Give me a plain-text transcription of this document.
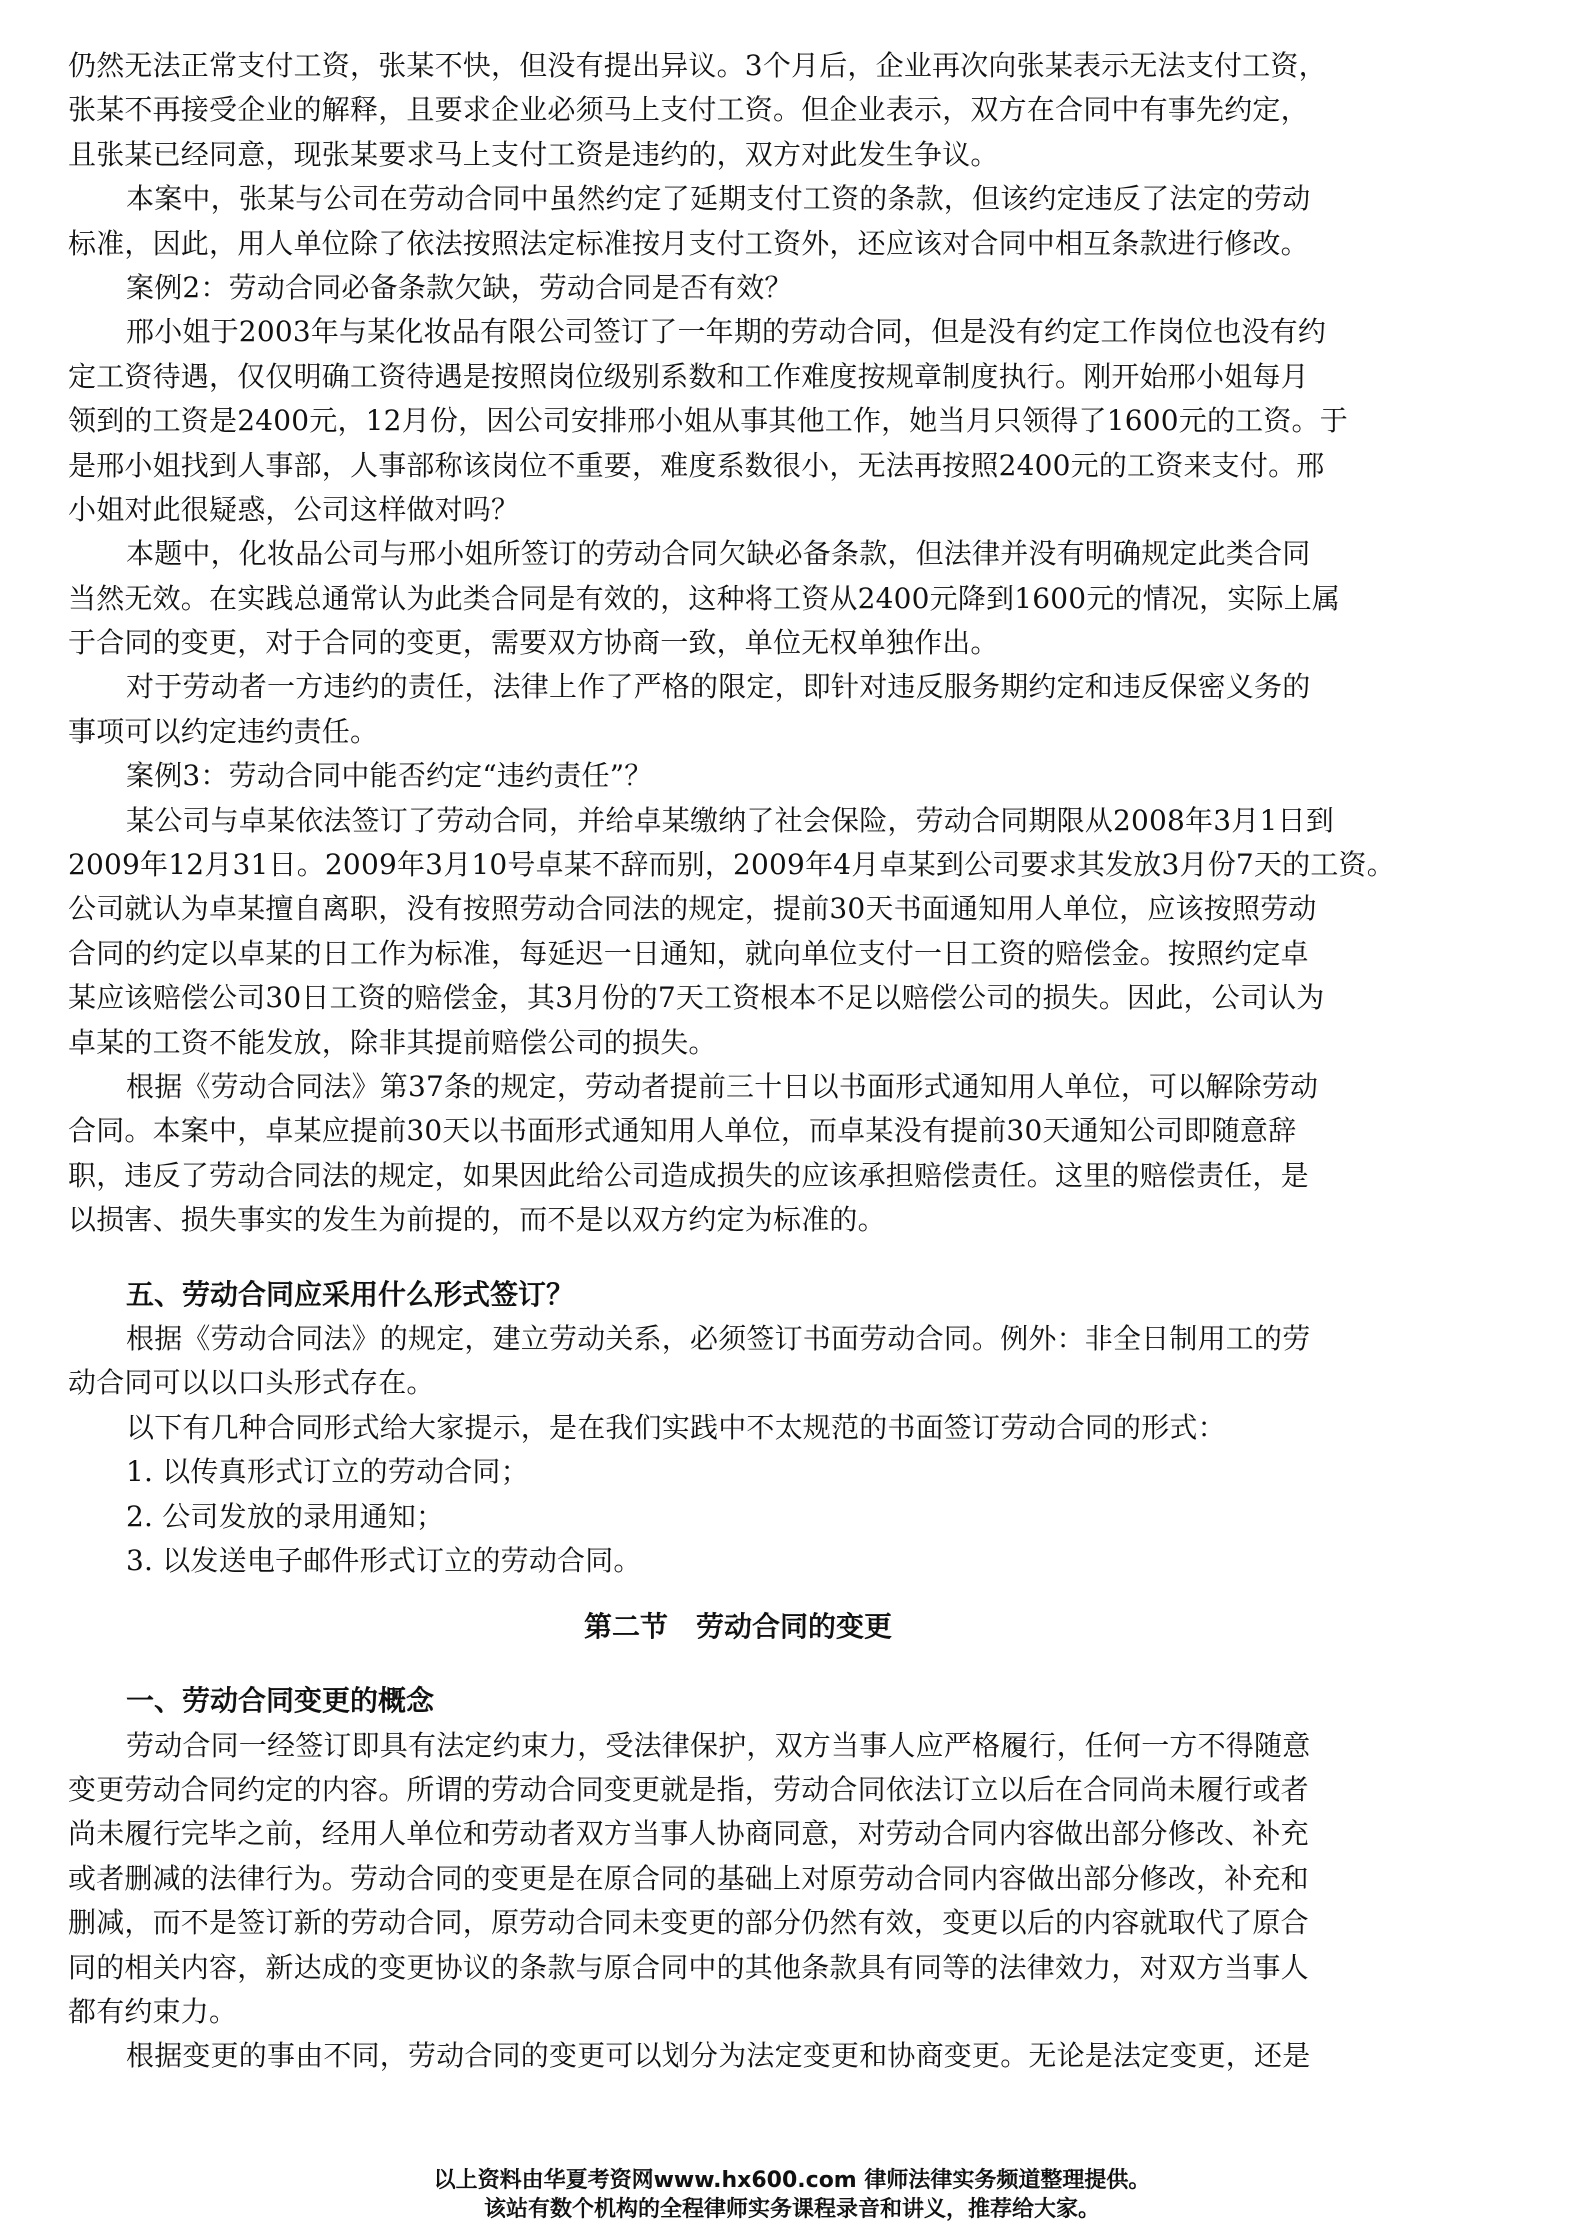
仍然无法正常支付工资，张某不快，但没有提出异议。3个月后，企业再次向张某表示无法支付工资，
张某不再接受企业的解释，且要求企业必须马上支付工资。但企业表示，双方在合同中有事先约定，
且张某已经同意，现张某要求马上支付工资是违约的，双方对此发生争议。
本案中，张某与公司在劳动合同中虽然约定了延期支付工资的条款，但该约定违反了法定的劳动
标准，因此，用人单位除了依法按照法定标准按月支付工资外，还应该对合同中相互条款进行修改。
案例2：劳动合同必备条款欠缺，劳动合同是否有效？
邢小姐于2003年与某化妆品有限公司签订了一年期的劳动合同，但是没有约定工作岗位也没有约
定工资待遇，仅仅明确工资待遇是按照岗位级别系数和工作难度按规章制度执行。刚开始邢小姐每月
领到的工资是2400元，12月份，因公司安排邢小姐从事其他工作，她当月只领得了1600元的工资。于
是邢小姐找到人事部，人事部称该岗位不重要，难度系数很小，无法再按照2400元的工资来支付。邢
小姐对此很疑惑，公司这样做对吗？
本题中，化妆品公司与邢小姐所签订的劳动合同欠缺必备条款，但法律并没有明确规定此类合同
当然无效。在实践总通常认为此类合同是有效的，这种将工资从2400元降到1600元的情况，实际上属
于合同的变更，对于合同的变更，需要双方协商一致，单位无权单独作出。
对于劳动者一方违约的责任，法律上作了严格的限定，即针对违反服务期约定和违反保密义务的
事项可以约定违约责任。
案例3：劳动合同中能否约定“违约责任”？
某公司与卓某依法签订了劳动合同，并给卓某缴纳了社会保险，劳动合同期限从2008年3月1日到
2009年12月31日。2009年3月10号卓某不辞而别，2009年4月卓某到公司要求其发放3月份7天的工资。
公司就认为卓某擅自离职，没有按照劳动合同法的规定，提前30天书面通知用人单位，应该按照劳动
合同的约定以卓某的日工作为标准，每延迟一日通知，就向单位支付一日工资的赔偿金。按照约定卓
某应该赔偿公司30日工资的赔偿金，其3月份的7天工资根本不足以赔偿公司的损失。因此，公司认为
卓某的工资不能发放，除非其提前赔偿公司的损失。
根据《劳动合同法》第37条的规定，劳动者提前三十日以书面形式通知用人单位，可以解除劳动
合同。本案中，卓某应提前30天以书面形式通知用人单位，而卓某没有提前30天通知公司即随意辞
职，违反了劳动合同法的规定，如果因此给公司造成损失的应该承担赔偿责任。这里的赔偿责任，是
以损害、损失事实的发生为前提的，而不是以双方约定为标准的。
五、劳动合同应采用什么形式签订？
根据《劳动合同法》的规定，建立劳动关系，必须签订书面劳动合同。例外：非全日制用工的劳
动合同可以以口头形式存在。
以下有几种合同形式给大家提示，是在我们实践中不太规范的书面签订劳动合同的形式：
1. 以传真形式订立的劳动合同；
2. 公司发放的录用通知；
3. 以发送电子邮件形式订立的劳动合同。
第二节　劳动合同的变更
一、劳动合同变更的概念
劳动合同一经签订即具有法定约束力，受法律保护，双方当事人应严格履行，任何一方不得随意
变更劳动合同约定的内容。所谓的劳动合同变更就是指，劳动合同依法订立以后在合同尚未履行或者
尚未履行完毕之前，经用人单位和劳动者双方当事人协商同意，对劳动合同内容做出部分修改、补充
或者删减的法律行为。劳动合同的变更是在原合同的基础上对原劳动合同内容做出部分修改，补充和
删减，而不是签订新的劳动合同，原劳动合同未变更的部分仍然有效，变更以后的内容就取代了原合
同的相关内容，新达成的变更协议的条款与原合同中的其他条款具有同等的法律效力，对双方当事人
都有约束力。
根据变更的事由不同，劳动合同的变更可以划分为法定变更和协商变更。无论是法定变更，还是
以上资料由华夏考资网www.hx600.com 律师法律实务频道整理提供。
该站有数个机构的全程律师实务课程录音和讲义，推荐给大家。
